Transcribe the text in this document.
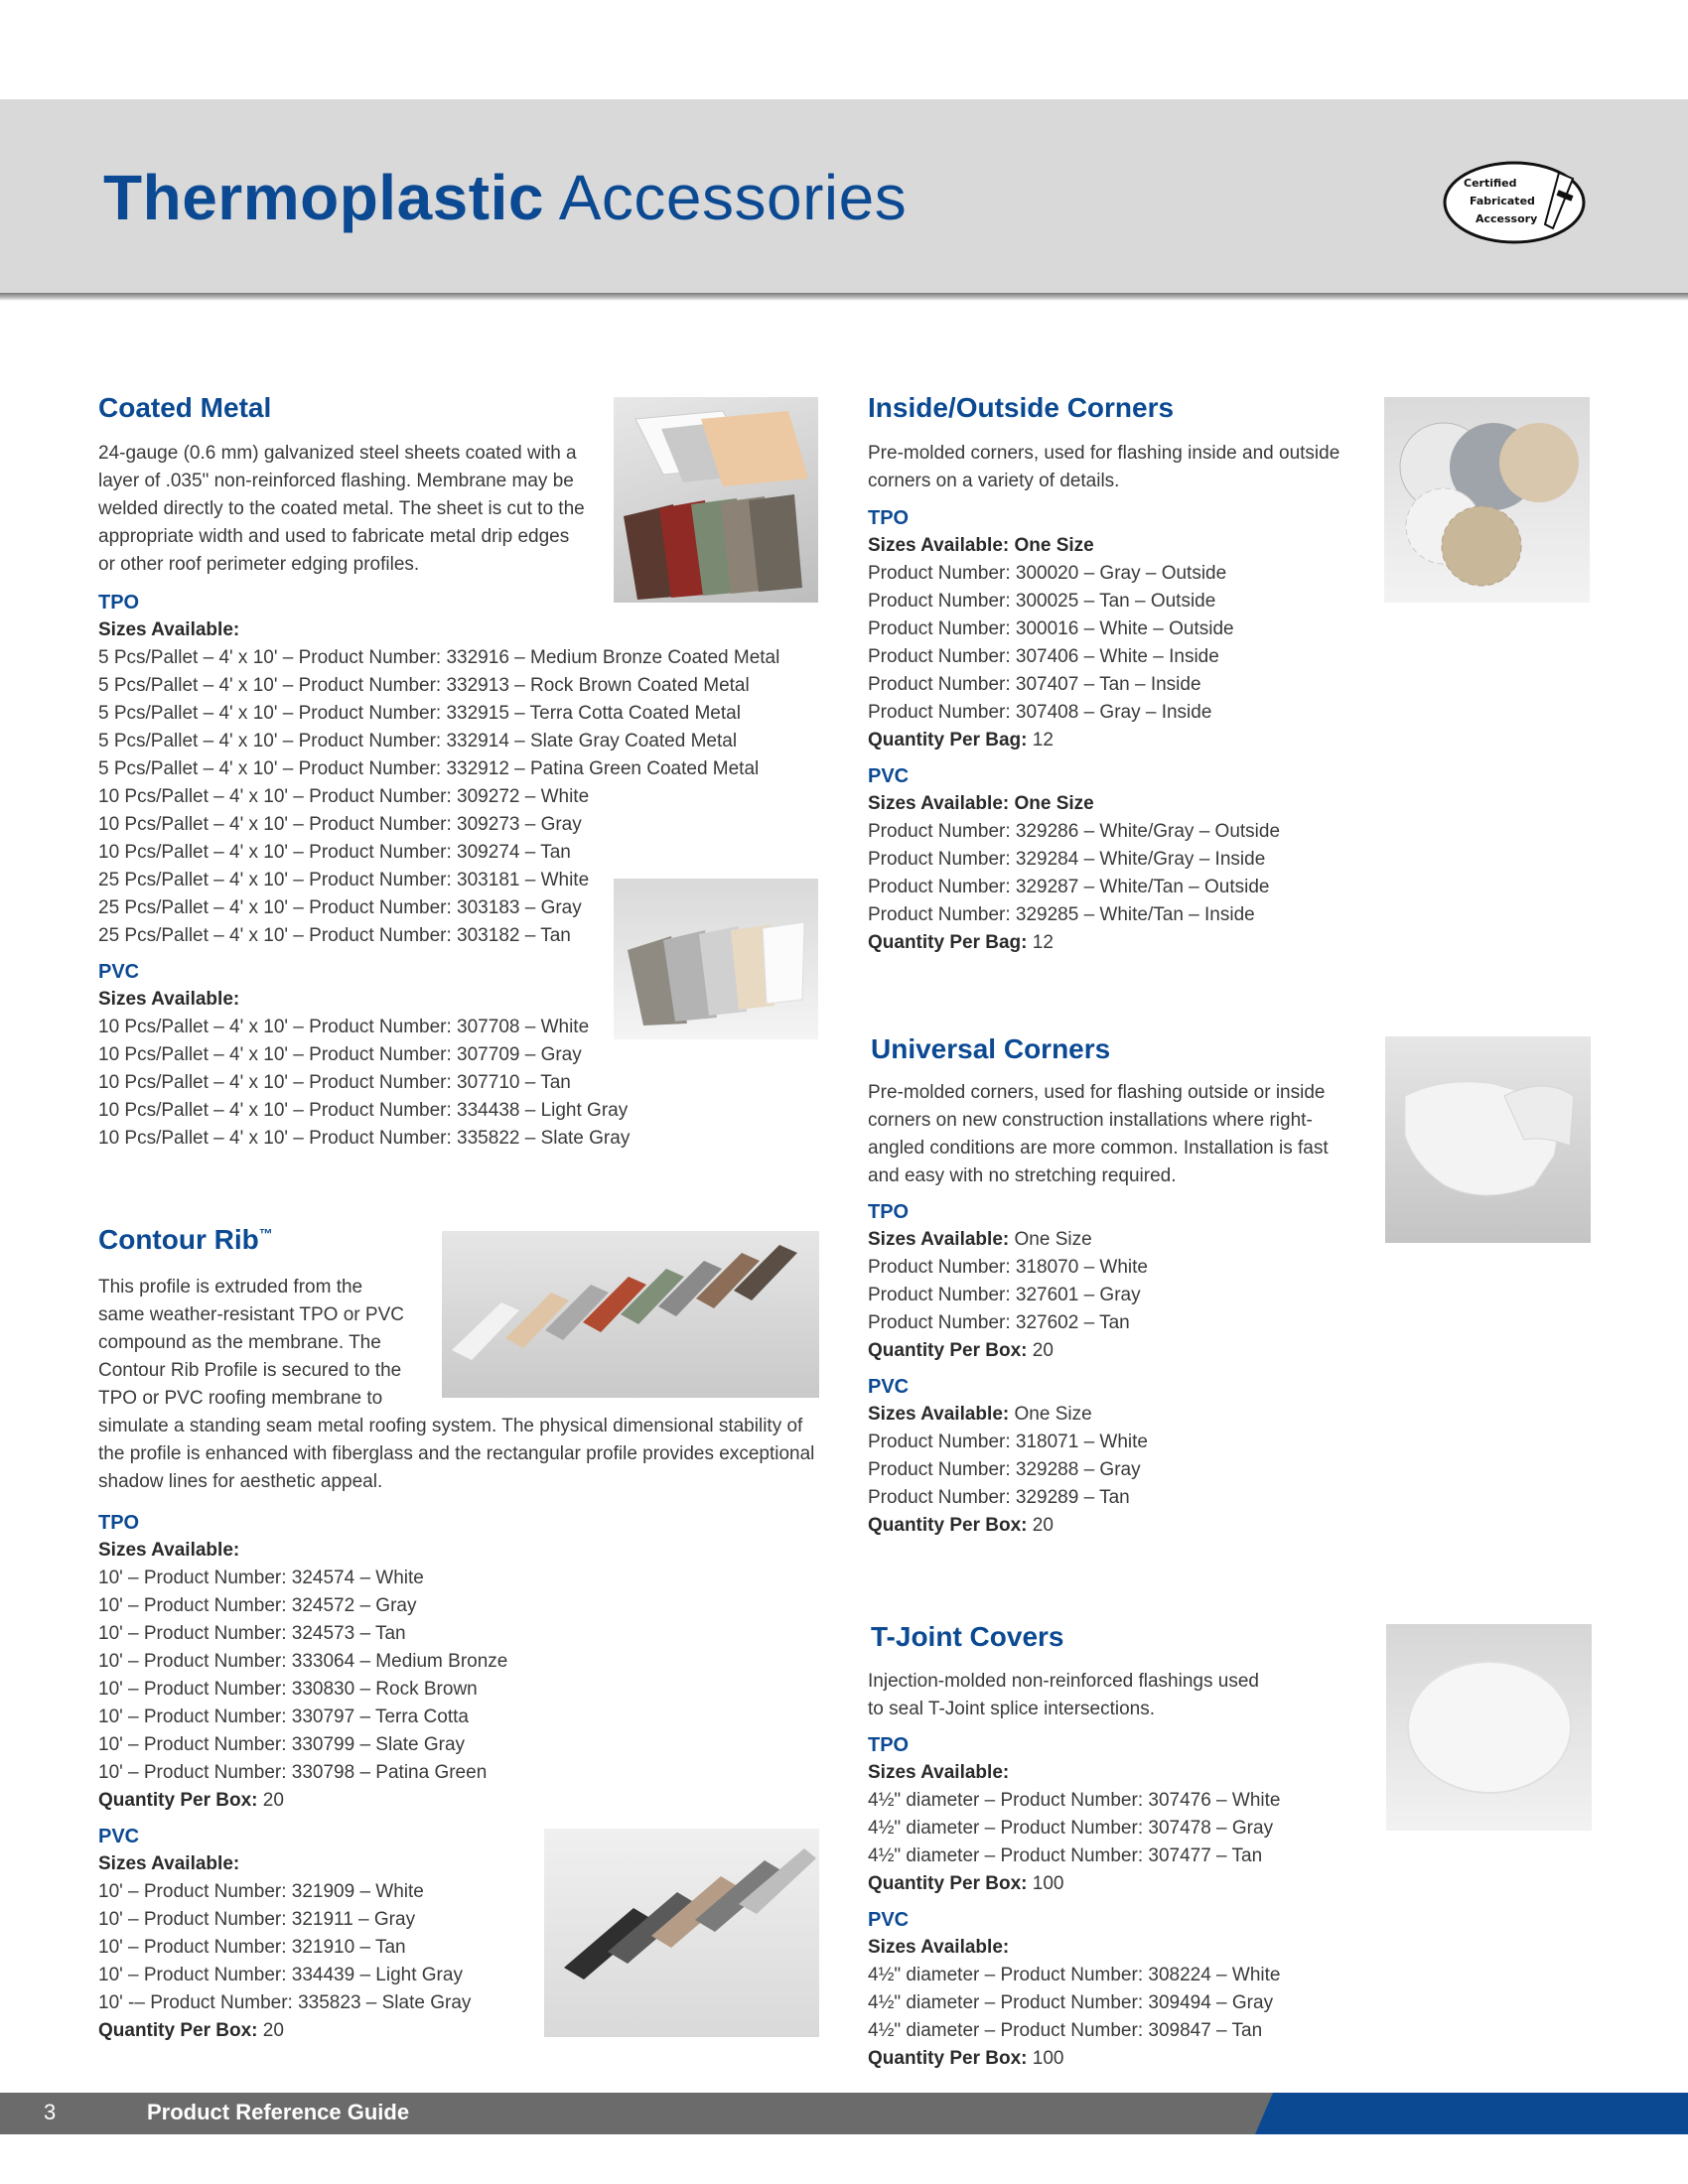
Thermoplastic Accessories	Certified
Fabricated
Accessory
Coated Metal
24-gauge (0.6 mm) galvanized steel sheets coated with a
layer of .035" non-reinforced flashing. Membrane may be
welded directly to the coated metal. The sheet is cut to the
appropriate width and used to fabricate metal drip edges
or other roof perimeter edging profiles.
TPO
Sizes Available:
5 Pcs/Pallet – 4' x 10' – Product Number: 332916 – Medium Bronze Coated Metal
5 Pcs/Pallet – 4' x 10' – Product Number: 332913 – Rock Brown Coated Metal
5 Pcs/Pallet – 4' x 10' – Product Number: 332915 – Terra Cotta Coated Metal
5 Pcs/Pallet – 4' x 10' – Product Number: 332914 – Slate Gray Coated Metal
5 Pcs/Pallet – 4' x 10' – Product Number: 332912 – Patina Green Coated Metal
10 Pcs/Pallet – 4' x 10' – Product Number: 309272 – White
10 Pcs/Pallet – 4' x 10' – Product Number: 309273 – Gray
10 Pcs/Pallet – 4' x 10' – Product Number: 309274 – Tan
25 Pcs/Pallet – 4' x 10' – Product Number: 303181 – White
25 Pcs/Pallet – 4' x 10' – Product Number: 303183 – Gray
25 Pcs/Pallet – 4' x 10' – Product Number: 303182 – Tan
PVC
Sizes Available:
10 Pcs/Pallet – 4' x 10' – Product Number: 307708 – White
10 Pcs/Pallet – 4' x 10' – Product Number: 307709 – Gray
10 Pcs/Pallet – 4' x 10' – Product Number: 307710 – Tan
10 Pcs/Pallet – 4' x 10' – Product Number: 334438 – Light Gray
10 Pcs/Pallet – 4' x 10' – Product Number: 335822 – Slate Gray
Contour Rib™
This profile is extruded from the
same weather-resistant TPO or PVC
compound as the membrane. The
Contour Rib Profile is secured to the
TPO or PVC roofing membrane to
simulate a standing seam metal roofing system. The physical dimensional stability of
the profile is enhanced with fiberglass and the rectangular profile provides exceptional
shadow lines for aesthetic appeal.
TPO
Sizes Available:
10' – Product Number: 324574 – White
10' – Product Number: 324572 – Gray
10' – Product Number: 324573 – Tan
10' – Product Number: 333064 – Medium Bronze
10' – Product Number: 330830 – Rock Brown
10' – Product Number: 330797 – Terra Cotta
10' – Product Number: 330799 – Slate Gray
10' – Product Number: 330798 – Patina Green
Quantity Per Box: 20
PVC
Sizes Available:
10' – Product Number: 321909 – White
10' – Product Number: 321911 – Gray
10' – Product Number: 321910 – Tan
10' – Product Number: 334439 – Light Gray
10' -– Product Number: 335823 – Slate Gray
Quantity Per Box: 20
Inside/Outside Corners
Pre-molded corners, used for flashing inside and outside
corners on a variety of details.
TPO
Sizes Available: One Size
Product Number: 300020 – Gray – Outside
Product Number: 300025 – Tan – Outside
Product Number: 300016 – White – Outside
Product Number: 307406 – White – Inside
Product Number: 307407 – Tan – Inside
Product Number: 307408 – Gray – Inside
Quantity Per Bag: 12
PVC
Sizes Available: One Size
Product Number: 329286 – White/Gray – Outside
Product Number: 329284 – White/Gray – Inside
Product Number: 329287 – White/Tan – Outside
Product Number: 329285 – White/Tan – Inside
Quantity Per Bag: 12
Universal Corners
Pre-molded corners, used for flashing outside or inside
corners on new construction installations where right-
angled conditions are more common. Installation is fast
and easy with no stretching required.
TPO
Sizes Available: One Size
Product Number: 318070 – White
Product Number: 327601 – Gray
Product Number: 327602 – Tan
Quantity Per Box: 20
PVC
Sizes Available: One Size
Product Number: 318071 – White
Product Number: 329288 – Gray
Product Number: 329289 – Tan
Quantity Per Box: 20
T-Joint Covers
Injection-molded non-reinforced flashings used
to seal T-Joint splice intersections.
TPO
Sizes Available:
4½" diameter – Product Number: 307476 – White
4½" diameter – Product Number: 307478 – Gray
4½" diameter – Product Number: 307477 – Tan
Quantity Per Box: 100
PVC
Sizes Available:
4½" diameter – Product Number: 308224 – White
4½" diameter – Product Number: 309494 – Gray
4½" diameter – Product Number: 309847 – Tan
Quantity Per Box: 100
3	Product Reference Guide
